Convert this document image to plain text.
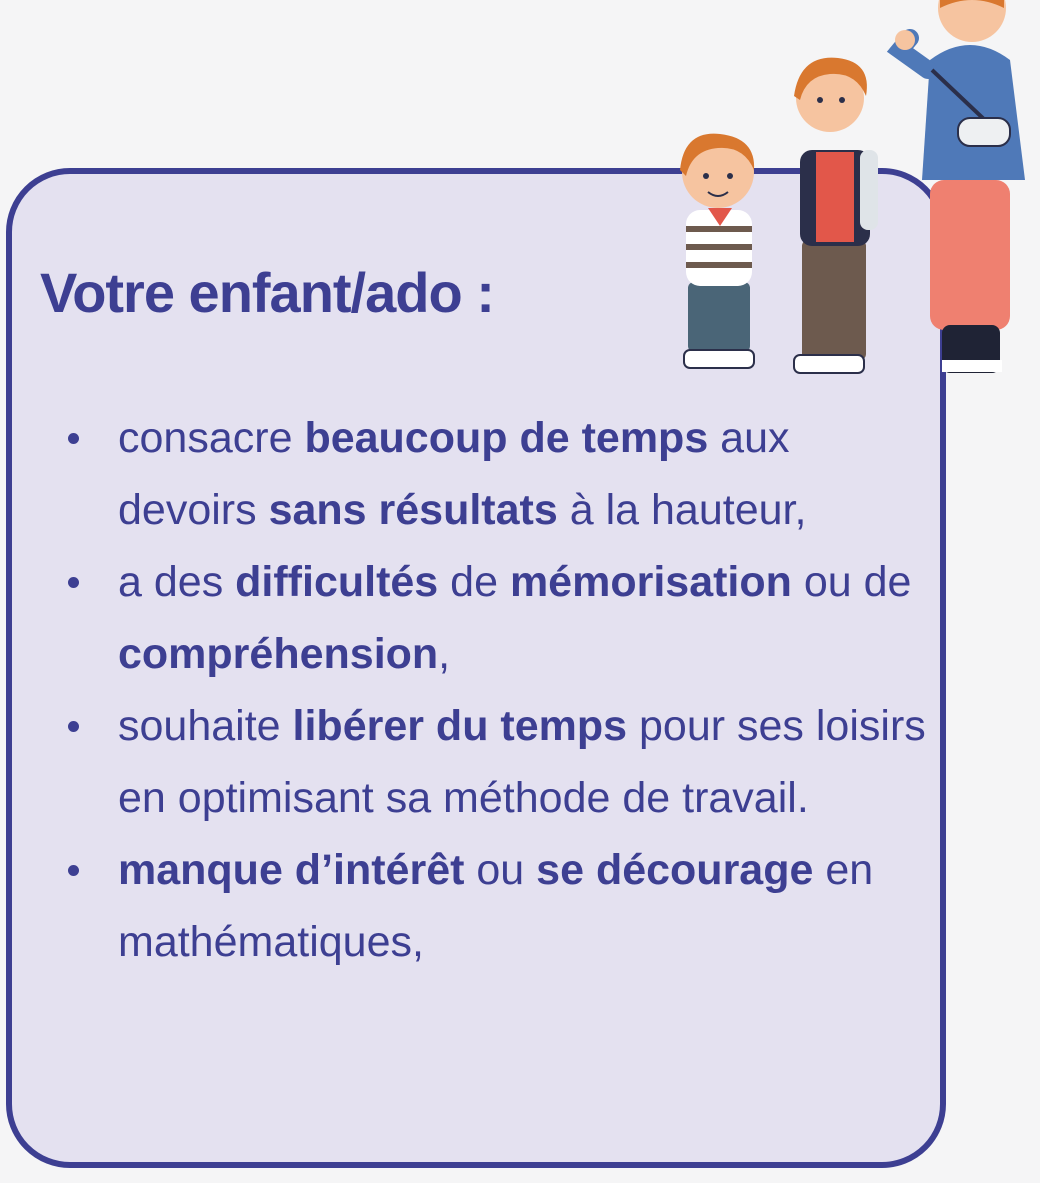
Votre enfant/ado :
consacre beaucoup de temps aux devoirs sans résultats à la hauteur,
a des difficultés de mémorisation ou de compréhension,
souhaite libérer du temps pour ses loisirs en optimisant sa méthode de travail.
manque d’intérêt ou se décourage en mathématiques,
